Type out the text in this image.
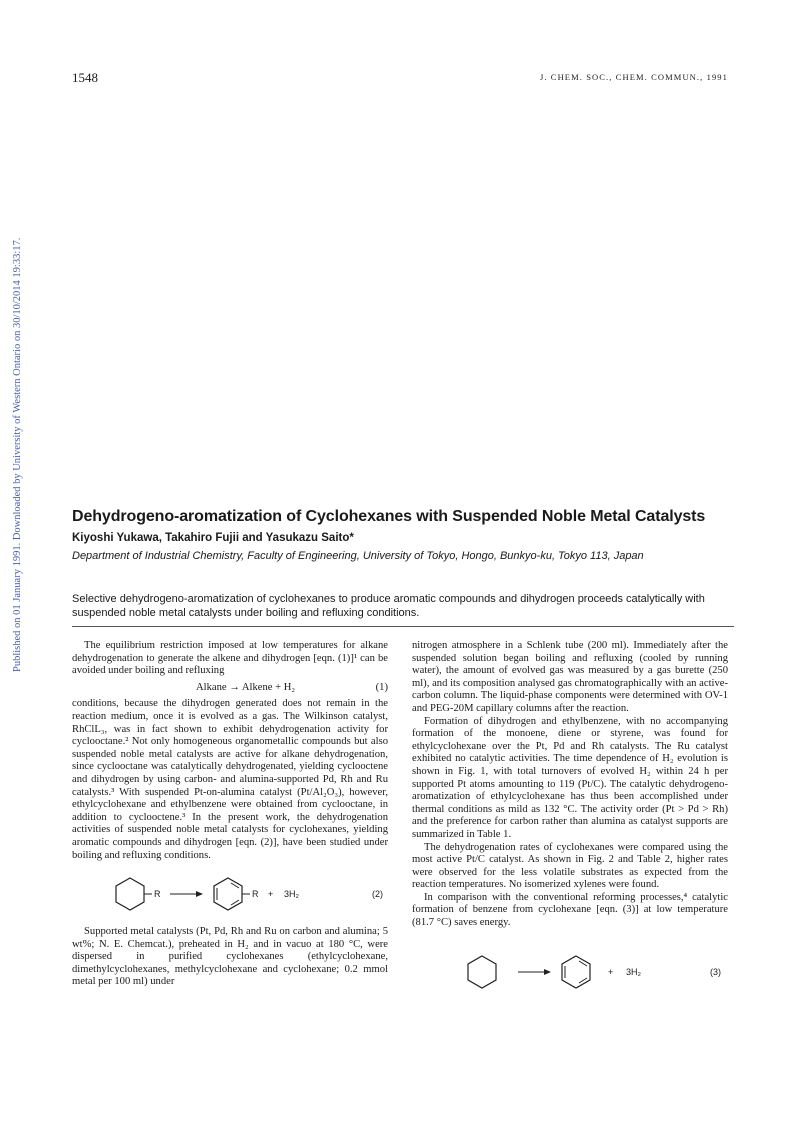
1548	J. CHEM. SOC., CHEM. COMMUN., 1991
Published on 01 January 1991. Downloaded by University of Western Ontario on 30/10/2014 19:33:17.	Dehydrogeno-aromatization of Cyclohexanes with Suspended Noble Metal Catalysts
Kiyoshi Yukawa, Takahiro Fujii and Yasukazu Saito*
Department of Industrial Chemistry, Faculty of Engineering, University of Tokyo, Hongo, Bunkyo-ku, Tokyo 113, Japan
Selective dehydrogeno-aromatization of cyclohexanes to produce aromatic compounds and dihydrogen proceeds catalytically with suspended noble metal catalysts under boiling and refluxing conditions.

The equilibrium restriction imposed at low temperatures for alkane dehydrogenation to generate the alkene and dihydrogen [eqn. (1)]¹ can be avoided under boiling and refluxing

Alkane → Alkene + H₂	(1)

conditions, because the dihydrogen generated does not remain in the reaction medium, once it is evolved as a gas. The Wilkinson catalyst, RhClL₃, was in fact shown to exhibit dehydrogenation activity for cyclooctane.² Not only homogeneous organometallic compounds but also suspended noble metal catalysts are active for alkane dehydrogenation, since cyclooctane was catalytically dehydrogenated, yielding cyclooctene and dihydrogen by using carbon- and alumina-supported Pd, Rh and Ru catalysts.³ With suspended Pt-on-alumina catalyst (Pt/Al₂O₃), however, ethylcyclohexane and ethylbenzene were obtained from cyclooctane, in addition to cyclooctene.³ In the present work, the dehydrogenation activities of suspended noble metal catalysts for cyclohexanes, yielding aromatic compounds and dihydrogen [eqn. (2)], have been studied under boiling and refluxing conditions.

R	R + 3H₂	(2)

Supported metal catalysts (Pt, Pd, Rh and Ru on carbon and alumina; 5 wt%; N. E. Chemcat.), preheated in H₂ and in vacuo at 180 °C, were dispersed in purified cyclohexanes (ethylcyclohexane, dimethylcyclohexanes, methylcyclohexane and cyclohexane; 0.2 mmol metal per 100 ml) under

nitrogen atmosphere in a Schlenk tube (200 ml). Immediately after the suspended solution began boiling and refluxing (cooled by running water), the amount of evolved gas was measured by a gas burette (250 ml), and its composition analysed gas chromatographically with an active-carbon column. The liquid-phase components were determined with OV-1 and PEG-20M capillary columns after the reaction.

Formation of dihydrogen and ethylbenzene, with no accompanying formation of the monoene, diene or styrene, was found for ethylcyclohexane over the Pt, Pd and Rh catalysts. The Ru catalyst exhibited no catalytic activities. The time dependence of H₂ evolution is shown in Fig. 1, with total turnovers of evolved H₂ within 24 h per supported Pt atoms amounting to 119 (Pt/C). The catalytic dehydrogeno-aromatization of ethylcyclohexane has thus been accomplished under thermal conditions as mild as 132 °C. The activity order (Pt > Pd > Rh) and the preference for carbon rather than alumina as catalyst supports are summarized in Table 1.

The dehydrogenation rates of cyclohexanes were compared using the most active Pt/C catalyst. As shown in Fig. 2 and Table 2, higher rates were observed for the less volatile substrates as expected from the reaction temperatures. No isomerized xylenes were found.

In comparison with the conventional reforming processes,⁴ catalytic formation of benzene from cyclohexane [eqn. (3)] at low temperature (81.7 °C) saves energy.

+ 3H₂	(3)
